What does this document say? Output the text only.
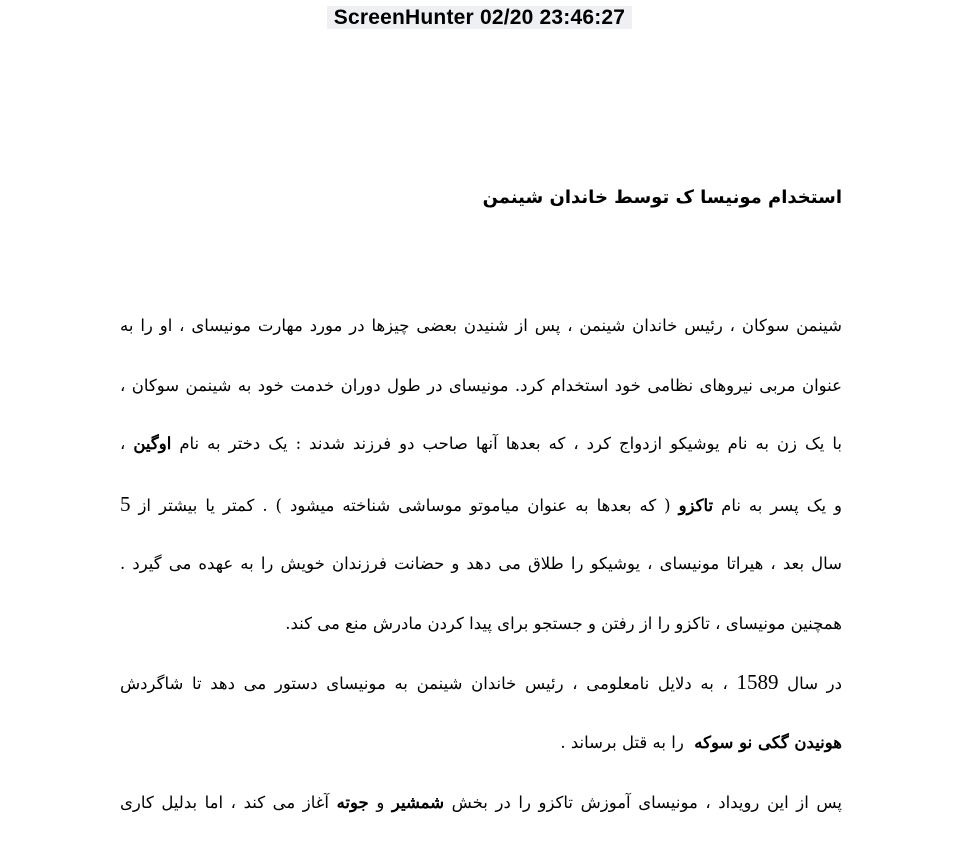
ScreenHunter 02/20 23:46:27
استخدام مونیسا ک توسط خاندان شینمن

شینمن سوکان ، رئیس خاندان شینمن ، پس از شنیدن بعضی چیزها در مورد مهارت مونیسای ، او را به

عنوان مربی نیروهای نظامی خود استخدام کرد. مونیسای در طول دوران خدمت خود به شینمن سوکان ،

با یک زن به نام یوشیکو ازدواج کرد ، که بعدها آنها صاحب دو فرزند شدند : یک دختر به نام اوگین ،

و یک پسر به نام تاکزو ( که بعدها به عنوان میاموتو موساشی شناخته میشود ) . کمتر یا بیشتر از 5

سال بعد ، هیراتا مونیسای ، یوشیکو را طلاق می دهد و حضانت فرزندان خویش را به عهده می گیرد .

همچنین مونیسای ، تاکزو را از رفتن و جستجو برای پیدا کردن مادرش منع می کند.

در سال 1589 ، به دلایل نامعلومی ، رئیس خاندان شینمن به مونیسای دستور می دهد تا شاگردش

هونیدن گکی نو سوکه  را به قتل برساند .

پس از این رویداد ، مونیسای آموزش تاکزو را در بخش شمشیر و جوته آغاز می کند ، اما بدلیل کاری
